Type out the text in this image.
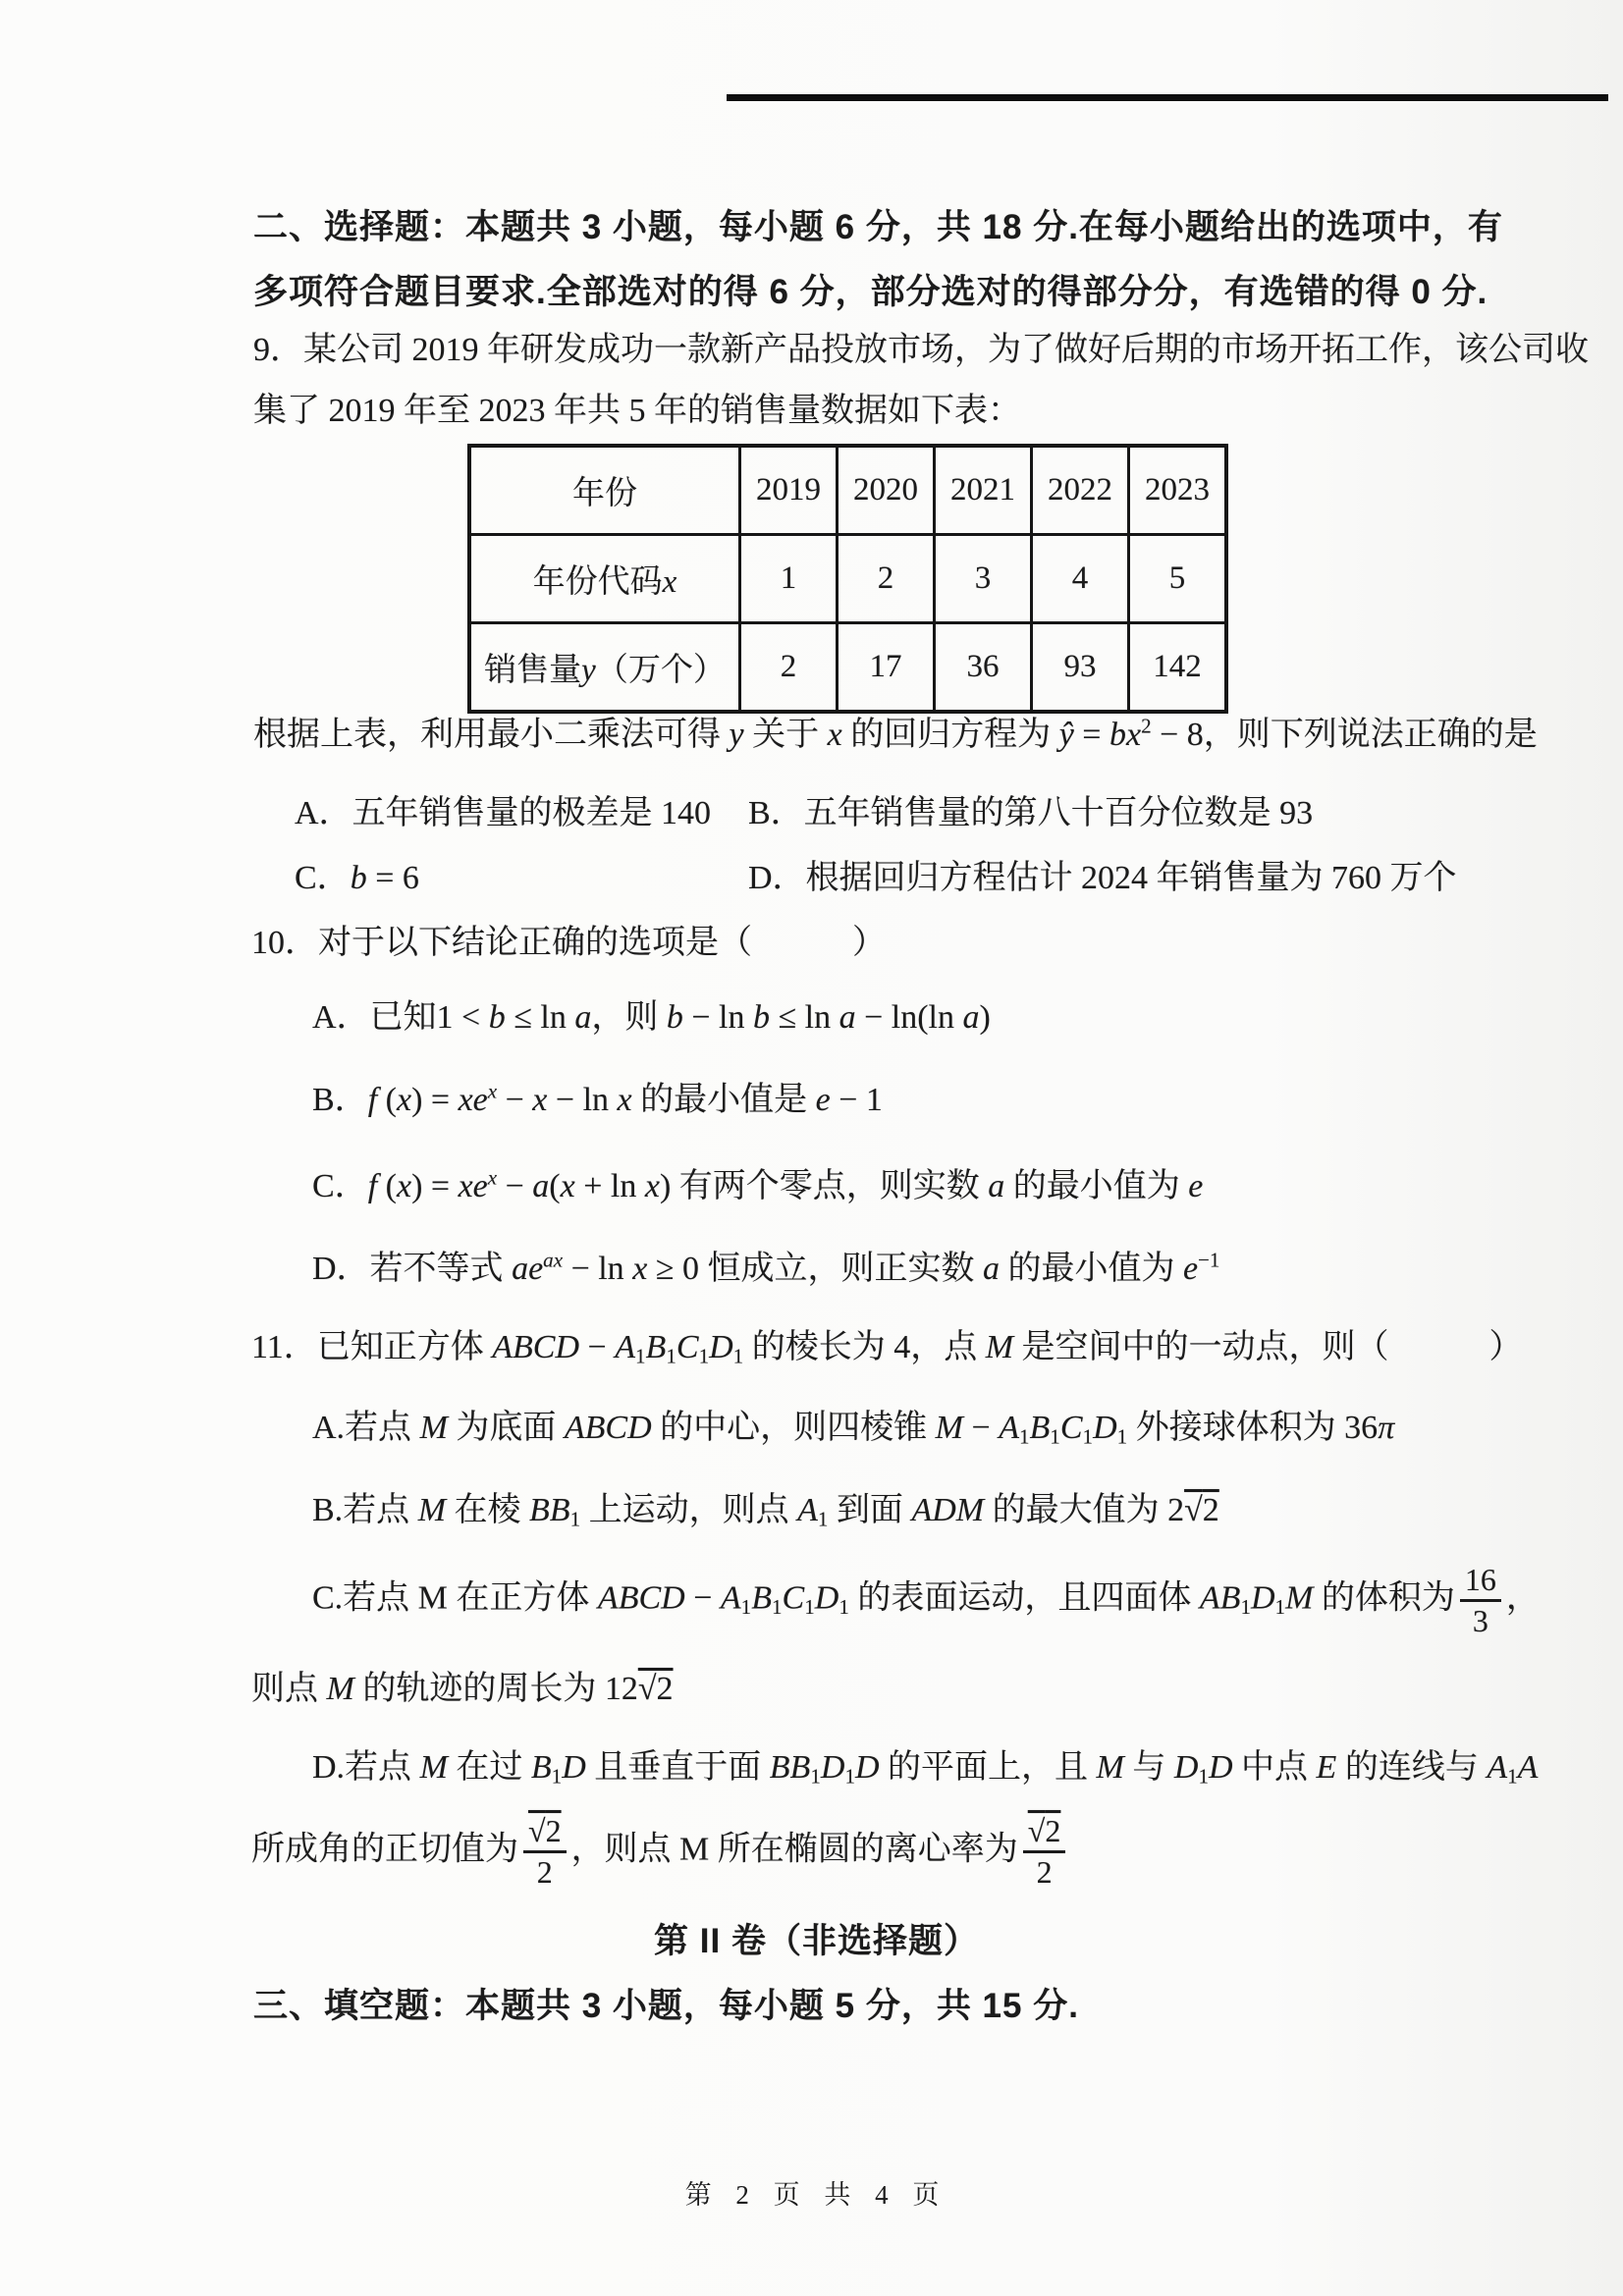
二、选择题：本题共 3 小题，每小题 6 分，共 18 分.在每小题给出的选项中，有
多项符合题目要求.全部选对的得 6 分，部分选对的得部分分，有选错的得 0 分.
9．某公司 2019 年研发成功一款新产品投放市场，为了做好后期的市场开拓工作，该公司收
集了 2019 年至 2023 年共 5 年的销售量数据如下表：
年份	2019	2020	2021	2022	2023
年份代码x	1	2	3	4	5
销售量y（万个）	2	17	36	93	142
根据上表，利用最小二乘法可得 y 关于 x 的回归方程为 ŷ = $bx^2 - 8$，则下列说法正确的是
A．五年销售量的极差是 140 B．五年销售量的第八十百分位数是 93
C．b = 6	D．根据回归方程估计 2024 年销售量为 760 万个
10．对于以下结论正确的选项是（　　　）
A．已知1 < b ≤ ln a，则 b − ln b ≤ ln a − ln(ln a)
B．f $(x) = xe^x - x - \ln x$ 的最小值是 e − 1
C．f $(x) = xe^x - a(x + \ln x)$ 有两个零点，则实数 a 的最小值为 e
D．若不等式 $ae^{ax} - \ln x \ge 0$ 恒成立，则正实数 a 的最小值为 $e^{-1}$
11．已知正方体 ABCD − $A_1B_1C_1D_1$ 的棱长为 4，点 M 是空间中的一动点，则（　　　）
A.若点 M 为底面 ABCD 的中心，则四棱锥 $M - A_1B_1C_1D_1$ 外接球体积为 36π
B.若点 M 在棱 $BB_1$ 上运动，则点 $A_1$ 到面 ADM 的最大值为 2 √ 2
C.若点 M 在正方体 ABCD − $A_1B_1C_1D_1$ 的表面运动，且四面体 $AB_1D_1M$ 的体积为 $\frac{16}{3}$ ，
则点 M 的轨迹的周长为 12 √ 2
D.若点 M 在过 $B_1D$ 且垂直于面 $BB_1D_1D$ 的平面上，且 M 与 $D_1D$ 中点 E 的连线与 $A_1A$
所成角的正切值为 √ $\frac{2}{2}$ ，则点 M 所在椭圆的离心率为 √ $\frac{2}{2}$
第 II 卷（非选择题）
三、填空题：本题共 3 小题，每小题 5 分，共 15 分.
第 2 页 共 4 页
